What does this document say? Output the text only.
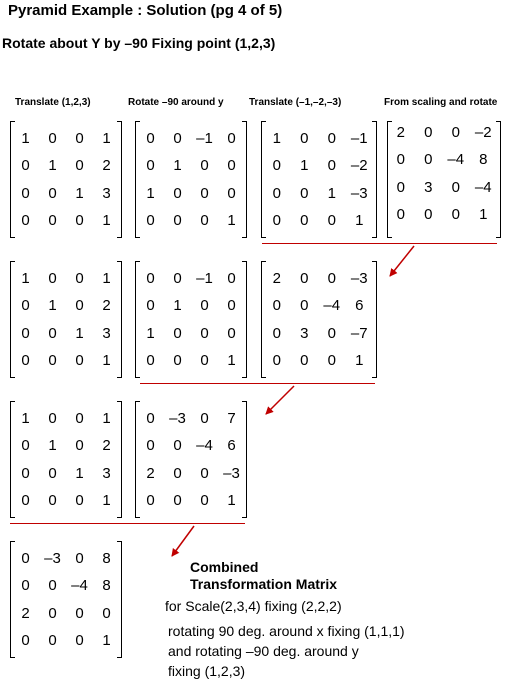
Pyramid Example : Solution (pg 4 of 5)
Rotate about Y by –90 Fixing point (1,2,3)
Translate (1,2,3)	Rotate –90 around y	Translate (–1,–2,–3)	From scaling and rotate
1	0	0	1
0	1	0	2
0	0	1	3
0	0	0	1
0	0 –1 0
0	1	0	0
1	0	0	0
0	0	0	1
1	0	0 –1
0	1	0 –2
0	0	1 –3
0	0	0	1
2	0	0 –2
0	0 –4 8
0	3	0 –4
0	0	0	1
1	0	0	1
0	1	0	2
0	0	1	3
0	0	0	1
0	0 –1 0
0	1	0	0
1	0	0	0
0	0	0	1
2	0	0 –3
0	0 –4 6
0	3	0 –7
0	0	0	1
1	0	0	1
0	1	0	2
0	0	1	3
0	0	0	1
0 –3 0	7
0	0 –4 6
2	0	0 –3
0	0	0	1
0 –3 0	8
0	0 –4 8
2	0	0	0
0	0	0	1
Combined
Transformation Matrix
for Scale(2,3,4) fixing (2,2,2)
rotating 90 deg. around x fixing (1,1,1)
and rotating –90 deg. around y
fixing (1,2,3)
